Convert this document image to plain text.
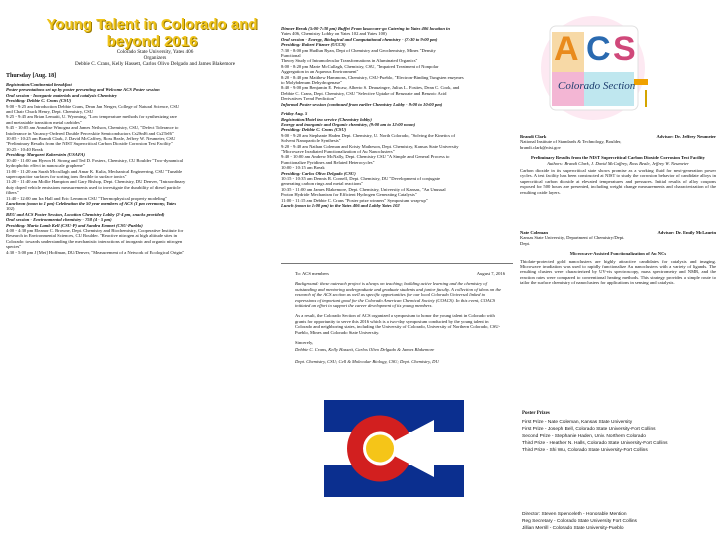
Young Talent in Colorado and beyond 2016
Colorado State University, Yates 406
Organizers
Debbie C. Crans, Kelly Hassett, Carlos Olivo Delgado and James Blakemore
Thursday [Aug. 18]
Registration/Continental breakfast
Poster presentations set up by poster presenting and Welcome ACS Poster session
Oral session - Inorganic materials and catalysis Chemistry
Presiding: Debbie C. Crans (CSU)
9:00 - 9:25 am Introduction Debbie Crans, Dean Jan Nerger, College of Natural Science, CSU
and Chair Chuck Henry, Dept. Chemistry, CSU
9:25 - 9:45 am Brian Lemaiti, U. Wyoming, "Low temperature methods for synthesizing rare
and metastable transition metal carbides"
9:45 - 10:05 am Annalise Winogna and James Neilson, Chemistry, CSU, "Defect Tolerance to
Intolerance in Vacancy-Ordered Double Perovskite Semiconductors Cs2SnI6 and Cs2TeI6"
10:05 - 10:25 am Brandi Clark, J. David McCaffrey, Ross Beale, Jeffrey W. Neumeier, CSU
"Preliminary Results from the NIST Supercritical Carbon Dioxide Corrosion Test Facility"
10:25 - 10:40 Break
Presiding: Margaret Koberstein (USAFA)
10:40 - 11:00 am Hyeon H. Strong and Ted D. Fosters, Chemistry, CU Boulder "Two-dynamical
hydrophobic effect in nanoscale graphene"
11:00 - 11:20 am Sarah Mccullagh and Amar K. Kulia, Mechanical Engineering, CSU "Tunable
supercapacitor surfaces for sorting ions flexible to surface ionics"
11:20 - 11:40 am Mollie Hampton and Gary Bishop, Dept. Chemistry, DU Denver, "Intraordinary
duty doped vehicle emissions measurements used to investigate the durability of diesel particle
filters"
11:40 - 12:00 am Ira Hall and Eric Lemmon CSU "Thermophysical property modeling"
Luncheon (noon to 1 pm) Celebration the 50 year members of ACS (1 pm ceremony, Yates
102)
REU and ACS Poster Session, Location Chemistry Lobby (2-4 pm, snacks provided)
Oral session - Environmental chemistry - 758 (4 - 5 pm)
Presiding: Maria Lamb Kell (CSU-P) and Sandra Emmet (CSU-Pueblo)
4:00 - 4:30 pm Eleanor C. Browne, Dept. Chemistry and Biochemistry, Cooperative Institute for
Research in Environmental Sciences, CU Boulder. "Reactive nitrogen at high altitude sites in
Colorado: towards understanding the mechanistic interactions of inorganic and organic nitrogen
species"
4:30 - 5:00 pm J [Mei] Hoffman, DU/Denver, "Measurement of a Network of Ecological Origin"
Dinner Break (5:00-7:30 pm) Buffet From lasaccare-go Catering in Yates 406 location in
Yates 406, Chemistry Lobby on Yates 102 and Yates 100)
Oral session - Energy, Biological and Computational chemistry - (7:30 to 9:00 pm)
Presiding: Robert Fitzner (UCCS)
7:30 - 8:00 pm Hudlun Ryan, Dept of Chemistry and Geochemistry, Mines "Density
Functional
Theory Study of Intramolecular Transformations in Aluminated Organics"
8:00 - 8:20 pm Marie McCullagh, Chemistry, CSU, "Impaired Treatment of Nonpolar
Aggregation in an Aqueous Environment"
8:20 - 8:40 pm Matthew Hammons, Chemistry, CSU-Pueblo, "Electron-Binding Tungsten enzymes
to Molybdenum Dehydrogenase"
8:40 - 9:00 pm Benjamin E. Petcaw, Alberto S. Deauzingre, Julius L. Fosties, Dean C. Cook, and
Debbie C. Crans, Dept. Chemistry, CSU "Selective Uptake of Benzoate and Benzoic Acid
Derivatives Trend Prediction"
Informal Poster session (continued from earlier Chemistry Lobby - 9:00 to 10:00 pm)
Friday Aug. 5
Registration/Hotel tea service (Chemistry lobby)
Energy and inorganic and Organic chemistry, (9:00 am to 12:00 noon)
Presiding: Debbie C. Crans (CSU)
9:00 - 9:20 am Stephanie Haden Dept. Chemistry, U. North Colorado, "Solving the Kinetics of
Solvent Nanoparticle Synthesis"
9:20 - 9:40 am Nathan Coleman and Kristy Matheson, Dept. Chemistry, Kansas State University
"Microwave Irradiated Functionalization of Au Nanoclusters"
9:40 - 10:00 am Andrew McNally, Dept. Chemistry CSU "A Simple and General Process to
Functionalize Pyridines and Related Heterocycles"
10:00 - 10:15 am Break
Presiding: Carlos Olivo Delgado (CSU)
10:15 - 10:35 am Dennis R. Cornell, Dept. Chemistry, DU "Development of conjugate
generating carbon rings and metal reactions"
10:35 - 11:00 am James Blakemore, Dept. Chemistry, University of Kansas, "An Unusual
Proton Hydride Mechanism for Efficient Hydrogen Generating Catalysts"
11:00 - 11:15 am Debbie C. Crans "Poster prize winners" Symposium wrap-up"
Lunch (noon to 1:00 pm) in the Yates 406 and Lobby Yates 102
To: ACS members	August 7, 2016

Background: these outreach project is always on teaching; building active learning and the chemistry of outstanding and mentoring undergraduate and graduate students and junior faculty. A collection of ideas on the research of the ACS section as well as specific opportunities for our local Colorado Universal linked to expressions of important good for the Colorado American Chemical Society (COACS). In this event, COACS initiated an effort to support the career development of its young members.

As a result, the Colorado Section of ACS organized a symposium to honor the young talent in Colorado with grants for opportunity to serve this 2016 which is a two-day symposium conducted by the young talent in Colorado and neighboring states, including the University of Colorado, University of Northern Colorado, CSU-Pueblo, Mines and Colorado State University.

Sincerely,

Debbie C. Crans, Kelly Hassett, Carlos Olivo Delgado & James Blakemore

Dept. Chemistry, CSU; Cell & Molecular Biology, CSU; Dept. Chemistry, DU

A C S
Colorado Section
Brandi Clark	Advisor: Dr. Jeffrey Neumeier
National Institute of Standards & Technology, Boulder, brandi.clark@nist.gov
Preliminary Results from the NIST Supercritical Carbon Dioxide Corrosion Test Facility
Authors: Brandi Clark, J. David McCaffrey, Ross Beale, Jeffrey W. Neumeier
Carbon dioxide in its supercritical state shows promise as a working fluid for next-generation power cycles. A test facility has been constructed at NIST to study the corrosion behavior of candidate alloys in supercritical carbon dioxide at elevated temperatures and pressures. Initial results of alloy coupons exposed for 500 hours are presented, including weight change measurements and characterization of the resulting oxide layers.
Nate Coleman	Advisor: Dr. Emily McLaurin
Kansas State University, Department of Chemistry/Dept. Dept.
Microwave-Assisted Functionalization of Au NCs
Thiolate-protected gold nanoclusters are highly attractive candidates for catalysis and imaging. Microwave irradiation was used to rapidly functionalize Au nanoclusters with a variety of ligands. The resulting clusters were characterized by UV-vis spectroscopy, mass spectrometry and NMR, and the reaction rates were compared to conventional heating methods. This strategy provides a simple route to tailor the surface chemistry of nanoclusters for applications in sensing and catalysis.
Poster Prizes
First Prize - Nate Coleman, Kansas State University
First Prize - Joseph Bell, Colorado State University-Fort Collins
Second Prize - Stephanie Haden, Univ. Northern Colorado
Third Prize - Heather N. Halls, Colorado State University-Fort Collins
Third Prize - Shi Wu, Colorado State University-Fort Collins
Director: Steven Spenceleth - Honorable Mention
Reg Secretary - Colorado State University Fort Collins
Jillian Merrill - Colorado State University-Pueblo
